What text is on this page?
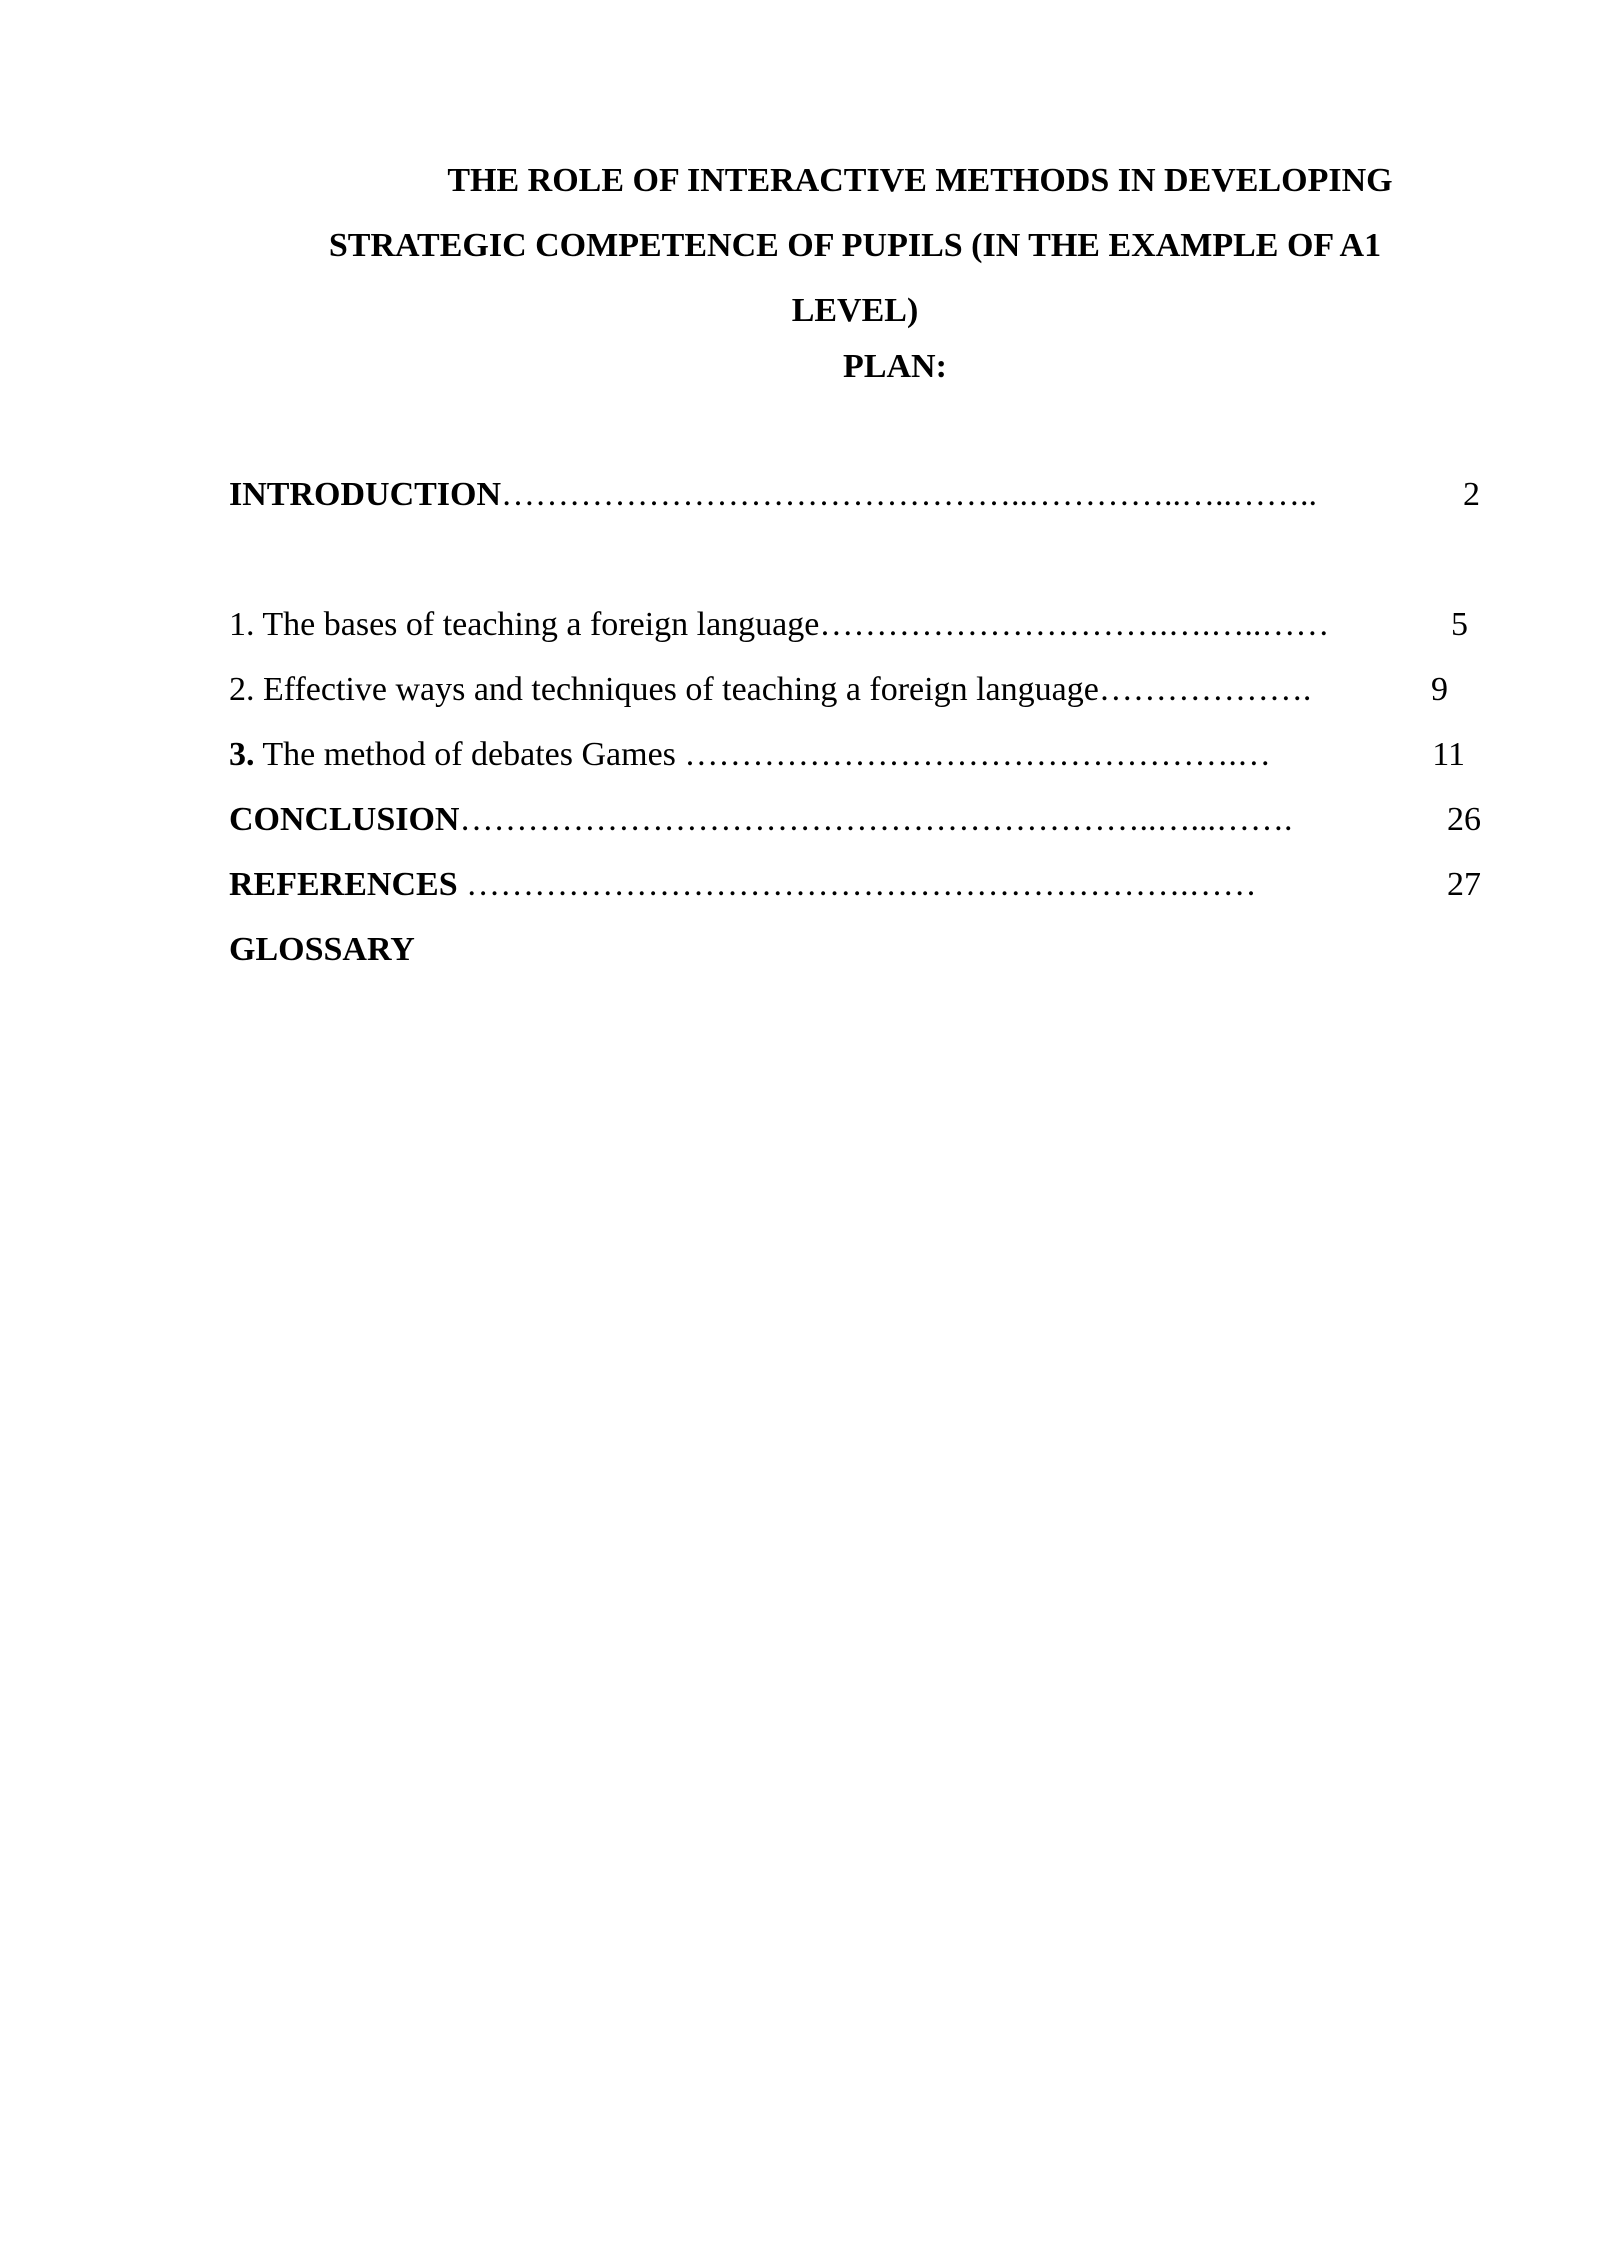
THE ROLE OF INTERACTIVE METHODS IN DEVELOPING
STRATEGIC COMPETENCE OF PUPILS (IN THE EXAMPLE OF A1
LEVEL)
PLAN:
INTRODUCTION ………………………………………..…………..…..……..	2
1. The bases of teaching a foreign language ………………………….….…..……	5
2. Effective ways and techniques of teaching a foreign language ……………….	9
3. The method of debates Games ………………………………………….…	11
CONCLUSION ……………………………………………………..…...…….	26
REFERENCES ……………………………………………………….……	27
GLOSSARY
